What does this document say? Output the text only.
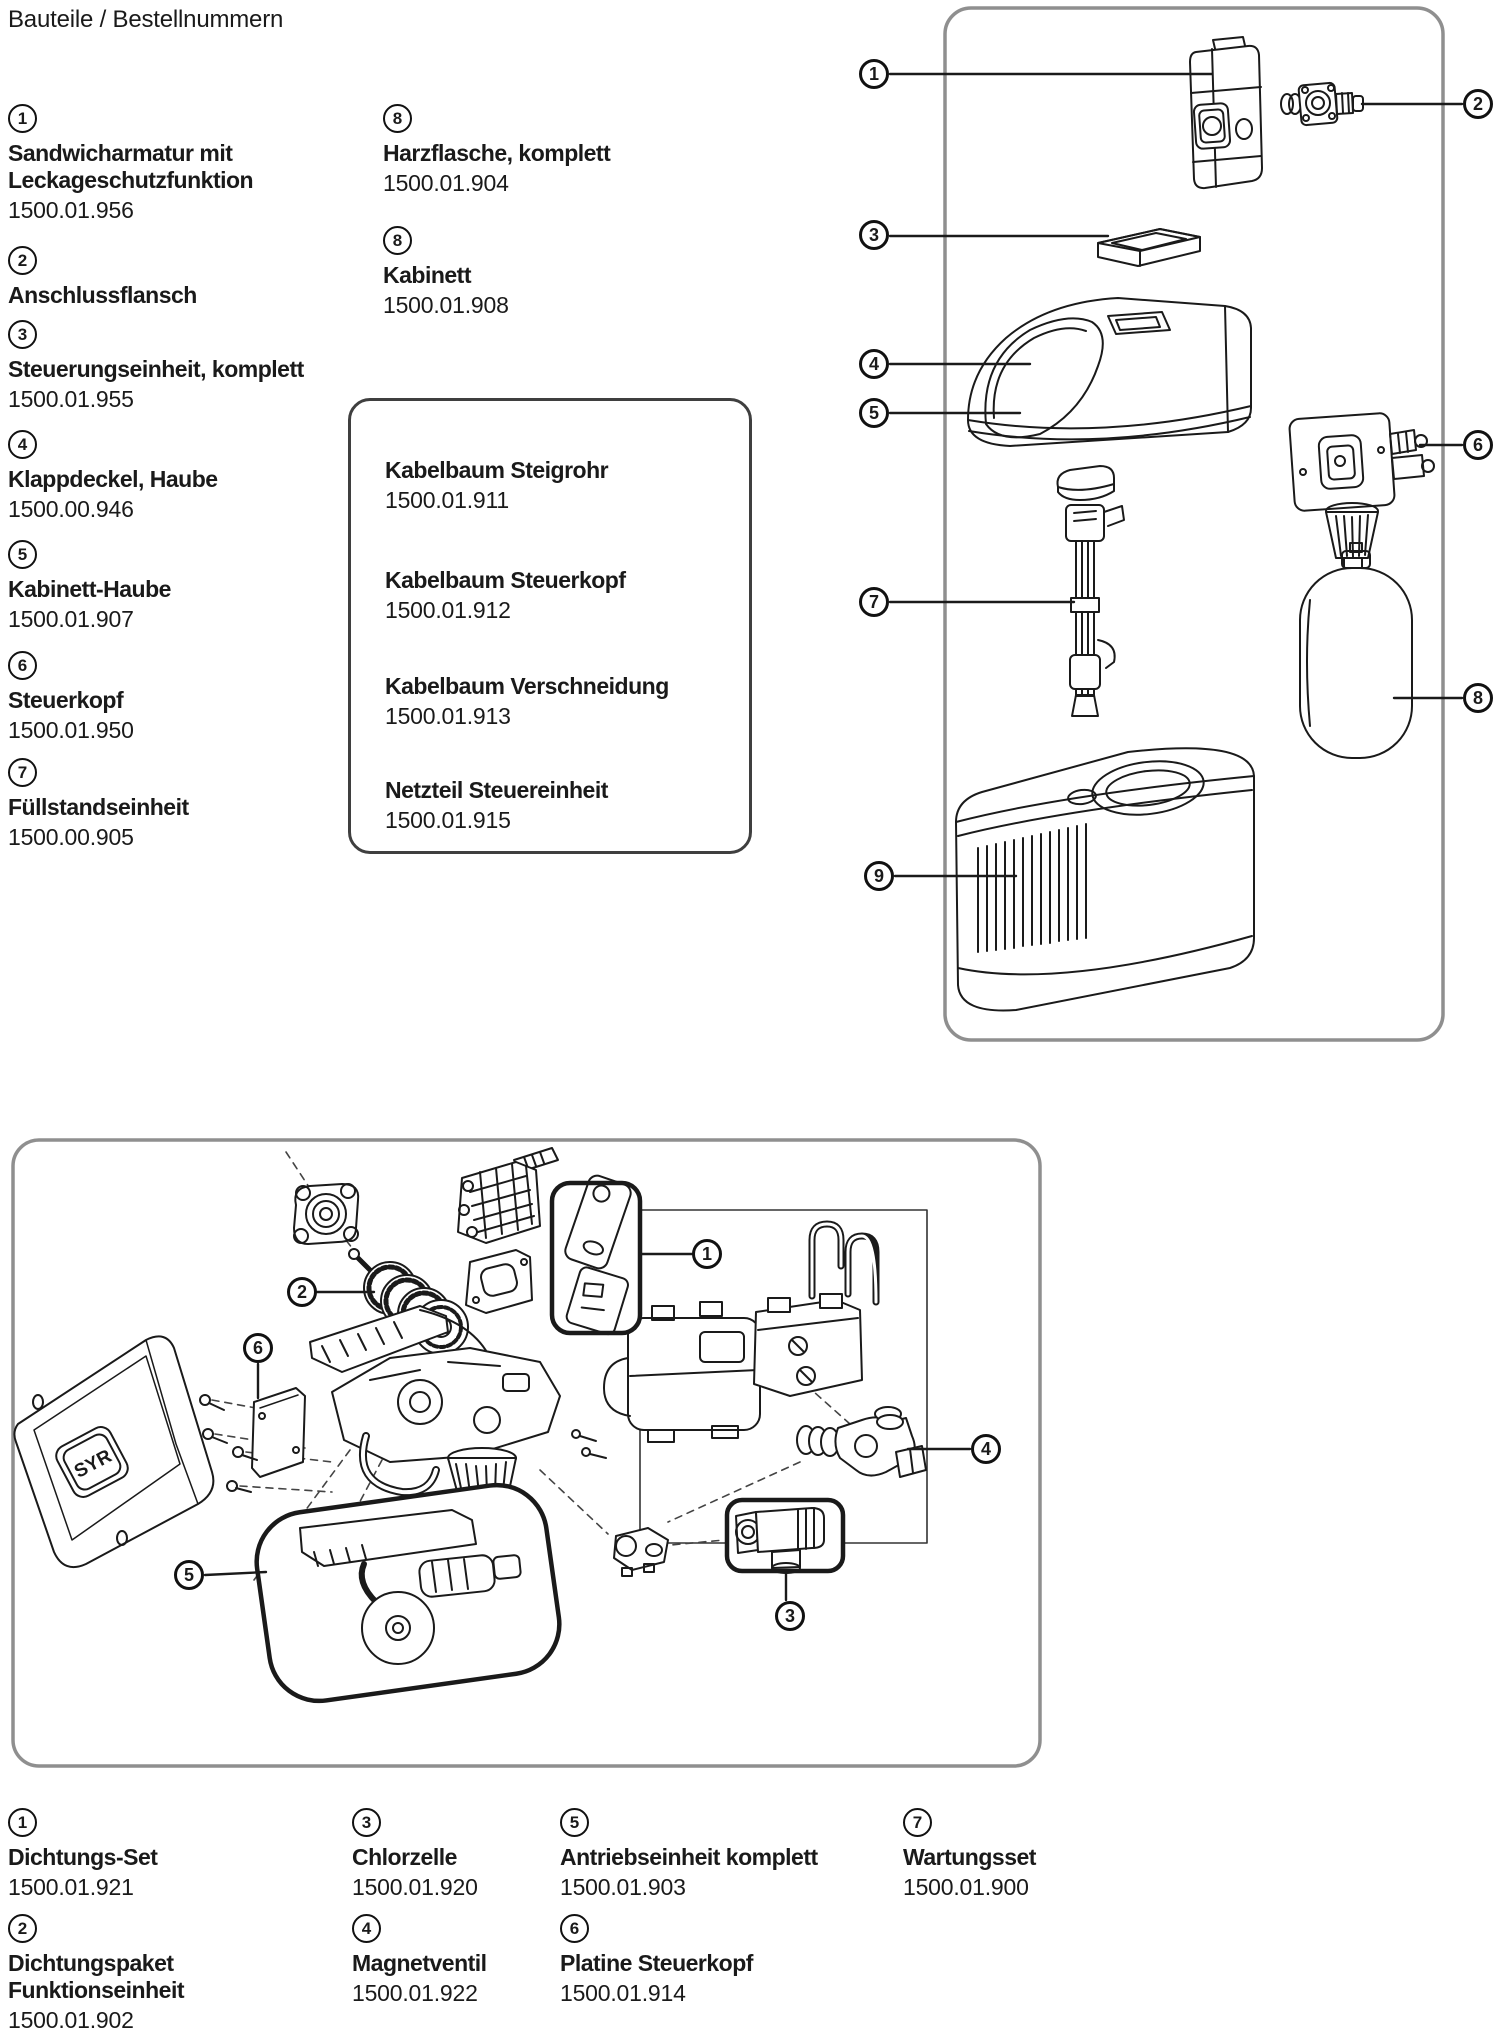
SYR
Bauteile / Bestellnummern
1
Sandwicharmatur mit Leckageschutzfunktion
1500.01.956
2
Anschlussflansch
3
Steuerungseinheit, komplett
1500.01.955
4
Klappdeckel, Haube
1500.00.946
5
Kabinett-Haube
1500.01.907
6
Steuerkopf
1500.01.950
7
Füllstandseinheit
1500.00.905
8
Harzflasche, komplett
1500.01.904
8
Kabinett
1500.01.908
Kabelbaum Steigrohr
1500.01.911
Kabelbaum Steuerkopf
1500.01.912
Kabelbaum Verschneidung
1500.01.913
Netzteil Steuereinheit
1500.01.915
1
Dichtungs-Set
1500.01.921
2
Dichtungspaket Funktionseinheit
1500.01.902
3
Chlorzelle
1500.01.920
4
Magnetventil
1500.01.922
5
Antriebseinheit komplett
1500.01.903
6
Platine Steuerkopf
1500.01.914
7
Wartungsset
1500.01.900
1
2
3
4
5
6
7
8
9
1
2
3
4
5
6
